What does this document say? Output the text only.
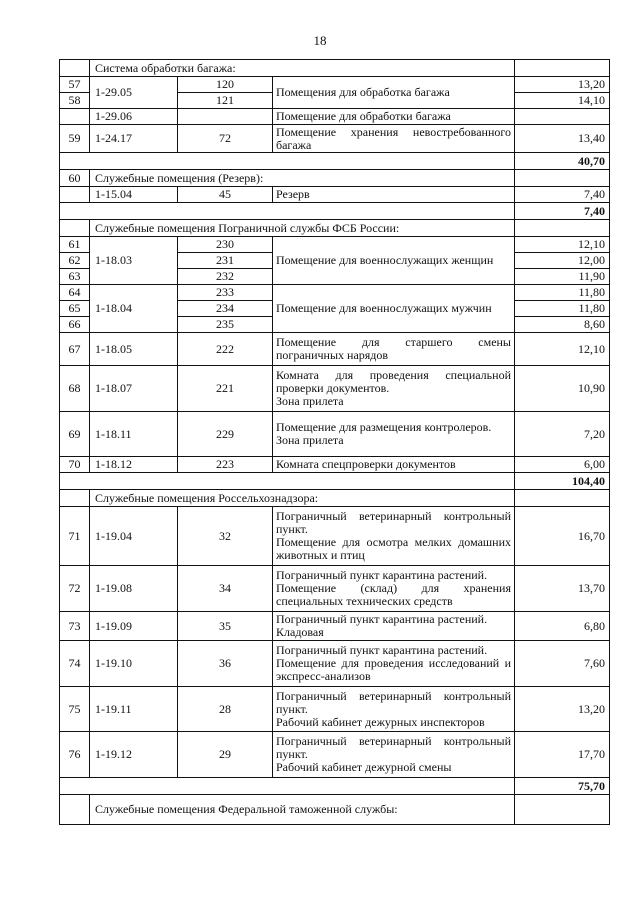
18
	Система обработки багажа:			
57	1-29.05	120	Помещения для обработка багажа	13,20
58		121		14,10
	1-29.06		Помещение для обработки багажа	
59	1-24.17	72	Помещение хранения невостребованного багажа	13,40
				40,70
60	Служебные помещения (Резерв):			
	1-15.04	45	Резерв	7,40
				7,40
	Служебные помещения Пограничной службы ФСБ России:			
61	1-18.03	230	Помещение для военнослужащих женщин	12,10
62		231		12,00
63		232		11,90
64	1-18.04	233	Помещение для военнослужащих мужчин	11,80
65		234		11,80
66		235		8,60
67	1-18.05	222	Помещение для старшего смены пограничных нарядов	12,10
68	1-18.07	221	Комната для проведения специальной проверки документов.
Зона прилета	10,90
69	1-18.11	229	Помещение для размещения контролеров.
Зона прилета	7,20
70	1-18.12	223	Комната спецпроверки документов	6,00
				104,40
	Служебные помещения Россельхознадзора:			
71	1-19.04	32	Пограничный ветеринарный контрольный пункт.
Помещение для осмотра мелких домашних животных и птиц	16,70
72	1-19.08	34	Пограничный пункт карантина растений.
Помещение (склад) для хранения специальных технических средств	13,70
73	1-19.09	35	Пограничный пункт карантина растений.
Кладовая	6,80
74	1-19.10	36	Пограничный пункт карантина растений.
Помещение для проведения исследований и экспресс-анализов	7,60
75	1-19.11	28	Пограничный ветеринарный контрольный пункт.
Рабочий кабинет дежурных инспекторов	13,20
76	1-19.12	29	Пограничный ветеринарный контрольный пункт.
Рабочий кабинет дежурной смены	17,70
				75,70
	Служебные помещения Федеральной таможенной службы:			
